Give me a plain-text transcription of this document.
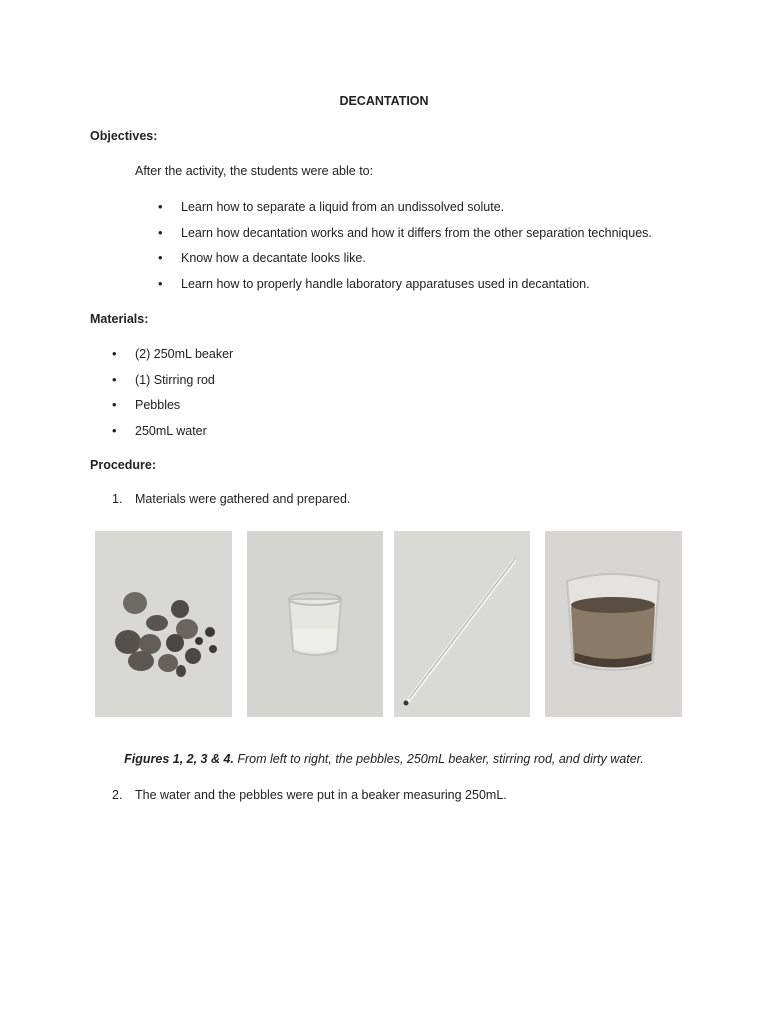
DECANTATION
Objectives:
After the activity, the students were able to:
• Learn how to separate a liquid from an undissolved solute.
• Learn how decantation works and how it differs from the other separation techniques.
• Know how a decantate looks like.
• Learn how to properly handle laboratory apparatuses used in decantation.
Materials:
• (2) 250mL beaker
• (1) Stirring rod
• Pebbles
• 250mL water
Procedure:
1. Materials were gathered and prepared.
Figures 1, 2, 3 & 4. From left to right, the pebbles, 250mL beaker, stirring rod, and dirty water.
2. The water and the pebbles were put in a beaker measuring 250mL.
